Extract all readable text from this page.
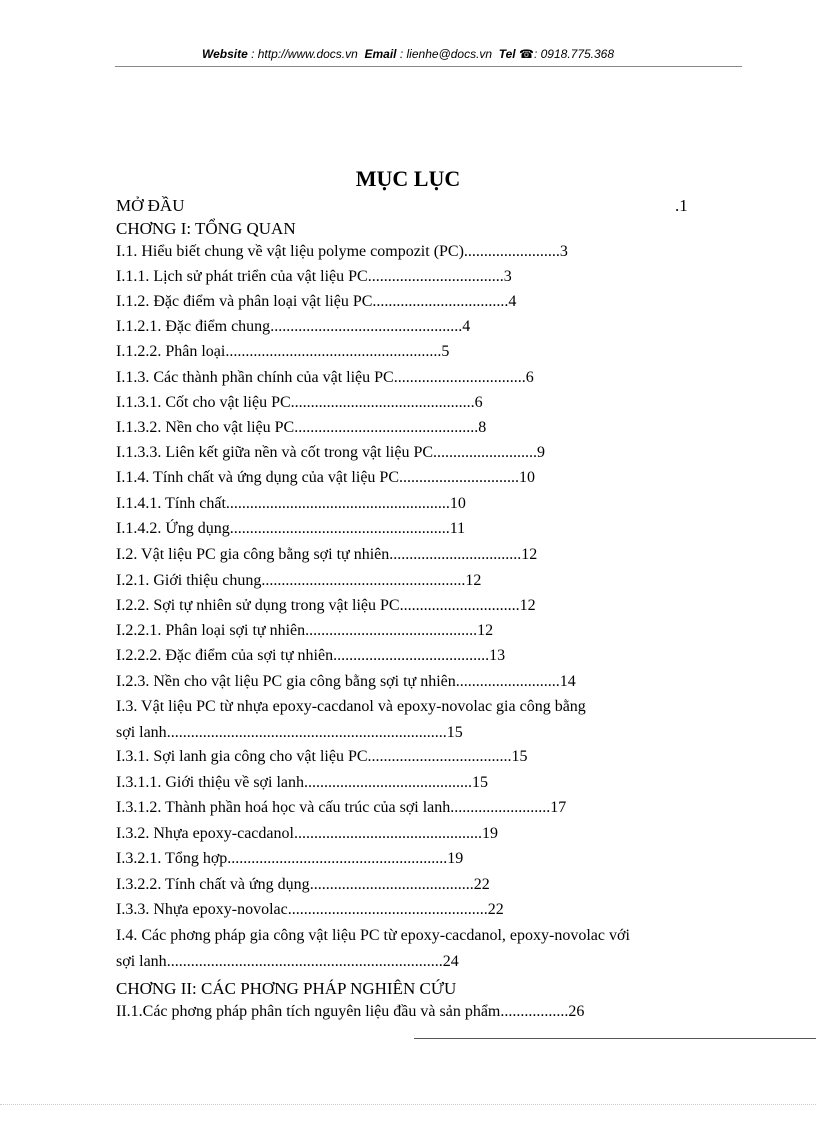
Website : http://www.docs.vn Email : lienhe@docs.vn Tel ☎: 0918.775.368
MỤC LỤC
MỞ ĐẦU	.1
CHƠNG I: TỔNG QUAN
I.1. Hiểu biết chung về vật liệu polyme compozit (PC)........................3
I.1.1. Lịch sử phát triển của vật liệu PC..................................3
I.1.2. Đặc điểm và phân loại vật liệu PC..................................4
I.1.2.1. Đặc điểm chung................................................4
I.1.2.2. Phân loại......................................................5
I.1.3. Các thành phần chính của vật liệu PC.................................6
I.1.3.1. Cốt cho vật liệu PC..............................................6
I.1.3.2. Nền cho vật liệu PC..............................................8
I.1.3.3. Liên kết giữa nền và cốt trong vật liệu PC..........................9
I.1.4. Tính chất và ứng dụng của vật liệu PC..............................10
I.1.4.1. Tính chất........................................................10
I.1.4.2. Ứng dụng.......................................................11
I.2. Vật liệu PC gia công bằng sợi tự nhiên.................................12
I.2.1. Giới thiệu chung...................................................12
I.2.2. Sợi tự nhiên sử dụng trong vật liệu PC..............................12
I.2.2.1. Phân loại sợi tự nhiên...........................................12
I.2.2.2. Đặc điểm của sợi tự nhiên.......................................13
I.2.3. Nền cho vật liệu PC gia công bằng sợi tự nhiên..........................14
I.3. Vật liệu PC từ nhựa epoxy-cacdanol và epoxy-novolac gia công bằng
sợi lanh......................................................................15
I.3.1. Sợi lanh gia công cho vật liệu PC....................................15
I.3.1.1. Giới thiệu về sợi lanh..........................................15
I.3.1.2. Thành phần hoá học và cấu trúc của sợi lanh.........................17
I.3.2. Nhựa epoxy-cacdanol...............................................19
I.3.2.1. Tổng hợp.......................................................19
I.3.2.2. Tính chất và ứng dụng.........................................22
I.3.3. Nhựa epoxy-novolac..................................................22
I.4. Các phơng pháp gia công vật liệu PC từ epoxy-cacdanol, epoxy-novolac với
sợi lanh.....................................................................24
CHƠNG II: CÁC PHƠNG PHÁP NGHIÊN CỨU
II.1.Các phơng pháp phân tích nguyên liệu đầu và sản phẩm.................26
